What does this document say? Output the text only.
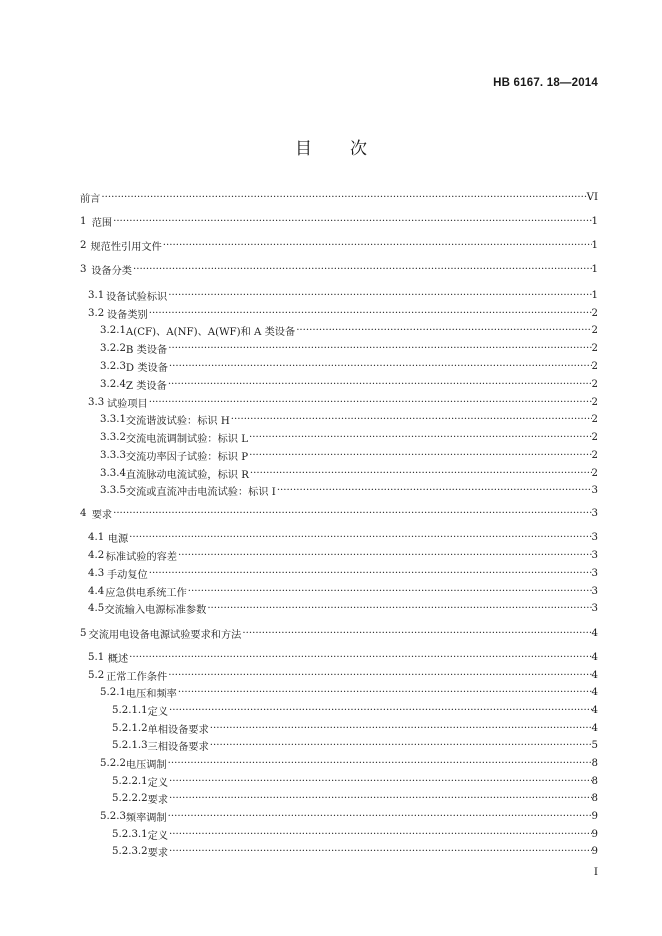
HB 6167. 18—2014
目次
前言 ·····	VI
1 范围 ·····	1
2 规范性引用文件 ·····	1
3 设备分类 ·····	1
3.1 设备试验标识 ·····	1
3.2 设备类别 ·····	2
3.2.1 A(CF)、A(NF)、A(WF)和 A 类设备 ·····	2
3.2.2 B 类设备 ·····	2
3.2.3 D 类设备 ·····	2
3.2.4 Z 类设备 ·····	2
3.3 试验项目 ·····	2
3.3.1 交流谐波试验：标识 H ·····	2
3.3.2 交流电流调制试验：标识 L ·····	2
3.3.3 交流功率因子试验：标识 P ·····	2
3.3.4 直流脉动电流试验，标识 R ·····	2
3.3.5 交流或直流冲击电流试验：标识 I ·····	3
4 要求 ·····	3
4.1 电源 ·····	3
4.2 标准试验的容差 ·····	3
4.3 手动复位 ·····	3
4.4 应急供电系统工作 ·····	3
4.5 交流输入电源标准参数 ·····	3
5 交流用电设备电源试验要求和方法 ·····	4
5.1 概述 ·····	4
5.2 正常工作条件 ·····	4
5.2.1 电压和频率 ·····	4
5.2.1.1 定义 ·····	4
5.2.1.2 单相设备要求 ·····	4
5.2.1.3 三相设备要求 ·····	5
5.2.2 电压调制 ·····	8
5.2.2.1 定义 ·····	8
5.2.2.2 要求 ·····	8
5.2.3 频率调制 ·····	9
5.2.3.1 定义 ·····	9
5.2.3.2 要求 ·····	9
I
